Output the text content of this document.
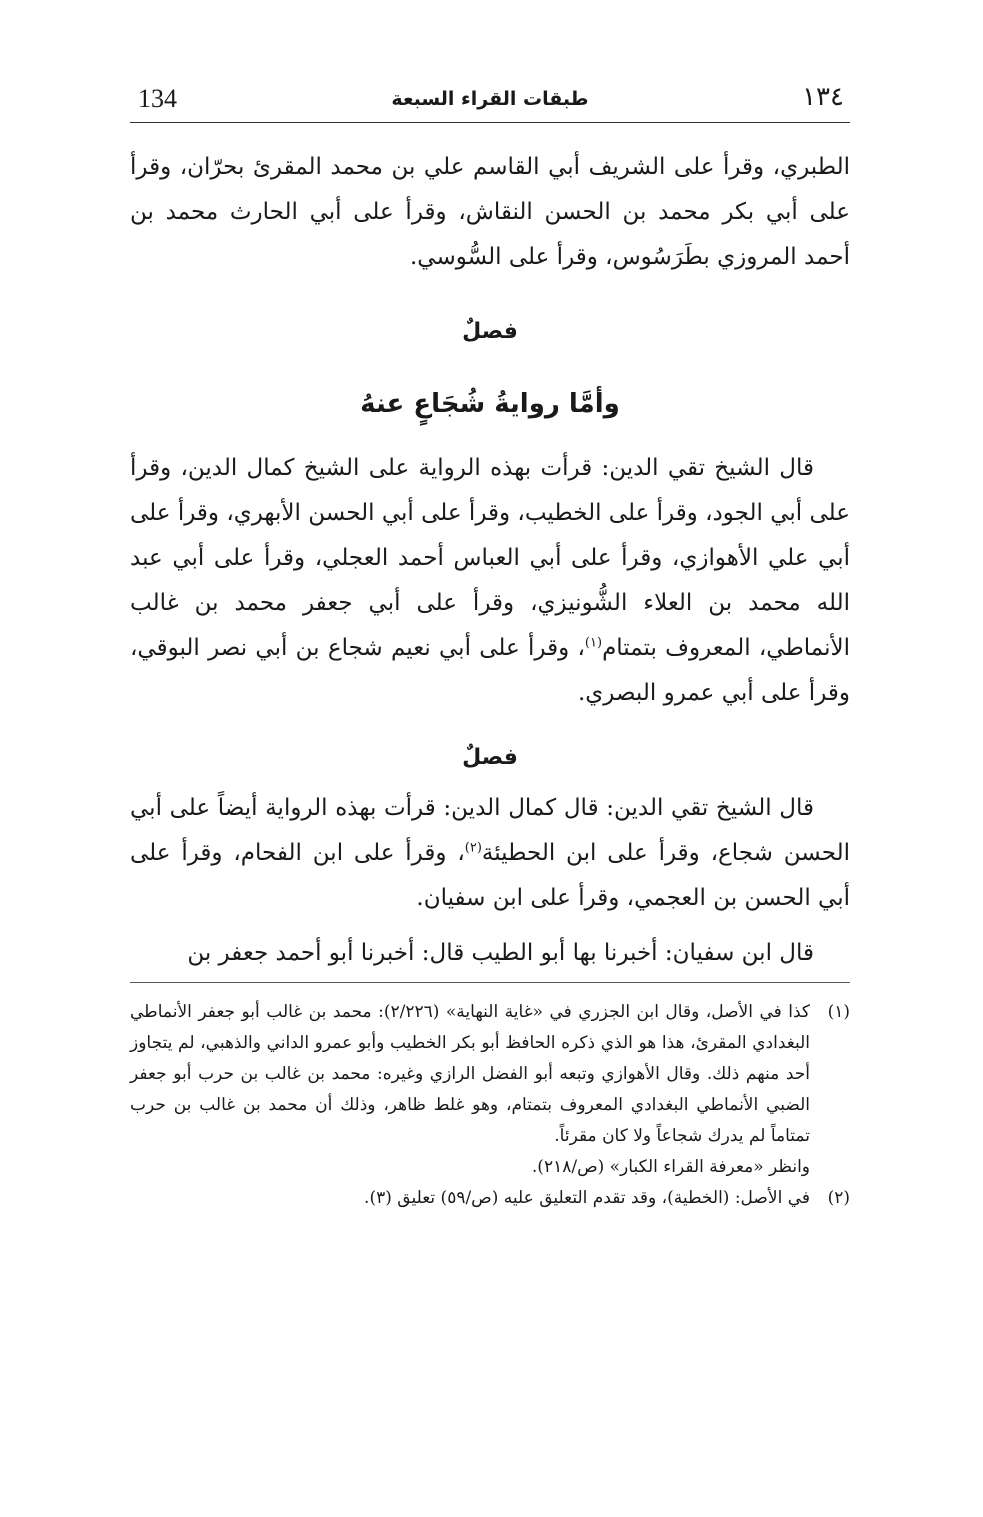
134	طبقات القراء السبعة	١٣٤

الطبري، وقرأ على الشريف أبي القاسم علي بن محمد المقرئ بحرّان، وقرأ على أبي بكر محمد بن الحسن النقاش، وقرأ على أبي الحارث محمد بن أحمد المروزي بطَرَسُوس، وقرأ على السُّوسي.

فصلٌ
وأمَّا روايةُ شُجَاعٍ عنهُ

قال الشيخ تقي الدين: قرأت بهذه الرواية على الشيخ كمال الدين، وقرأ على أبي الجود، وقرأ على الخطيب، وقرأ على أبي الحسن الأبهري، وقرأ على أبي علي الأهوازي، وقرأ على أبي العباس أحمد العجلي، وقرأ على أبي عبد الله محمد بن العلاء الشُّونيزي، وقرأ على أبي جعفر محمد بن غالب الأنماطي، المعروف بتمتام$^{(١)}$، وقرأ على أبي نعيم شجاع بن أبي نصر البوقي، وقرأ على أبي عمرو البصري.

فصلٌ

قال الشيخ تقي الدين: قال كمال الدين: قرأت بهذه الرواية أيضاً على أبي الحسن شجاع، وقرأ على ابن الحطيئة$^{(٢)}$، وقرأ على ابن الفحام، وقرأ على أبي الحسن بن العجمي، وقرأ على ابن سفيان.

قال ابن سفيان: أخبرنا بها أبو الطيب قال: أخبرنا أبو أحمد جعفر بن

(١)
كذا في الأصل، وقال ابن الجزري في «غاية النهاية» (٢/٢٢٦): محمد بن غالب أبو جعفر الأنماطي البغدادي المقرئ، هذا هو الذي ذكره الحافظ أبو بكر الخطيب وأبو عمرو الداني والذهبي، لم يتجاوز أحد منهم ذلك. وقال الأهوازي وتبعه أبو الفضل الرازي وغيره: محمد بن غالب بن حرب أبو جعفر الضبي الأنماطي البغدادي المعروف بتمتام، وهو غلط ظاهر، وذلك أن محمد بن غالب بن حرب تمتاماً لم يدرك شجاعاً ولا كان مقرئاً.

وانظر «معرفة القراء الكبار» (ص/٢١٨).

(٢)
في الأصل: (الخطية)، وقد تقدم التعليق عليه (ص/٥٩) تعليق (٣).
